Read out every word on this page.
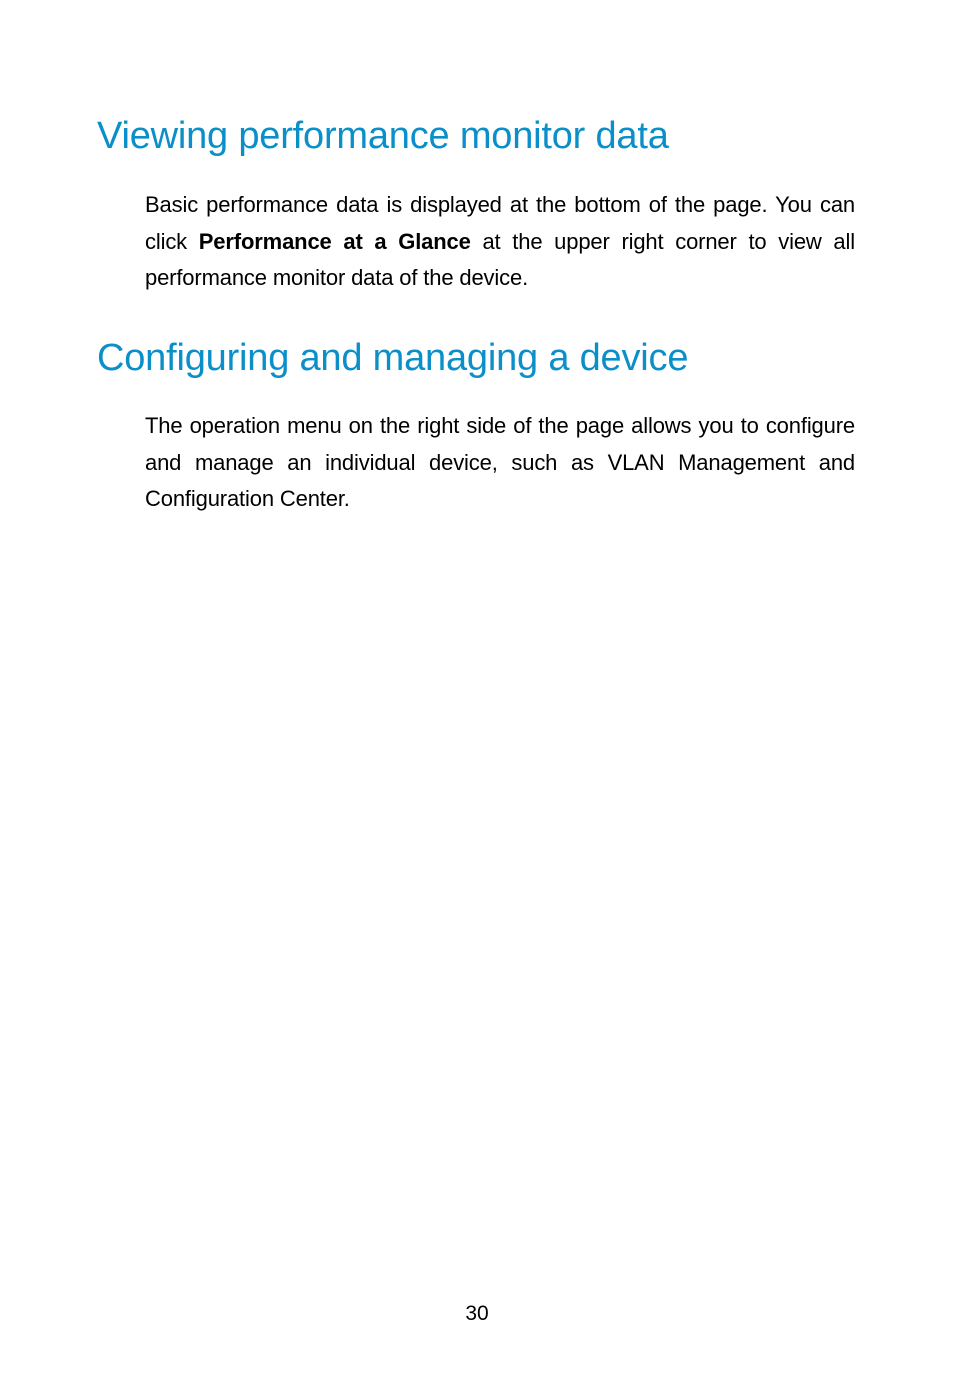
Viewing performance monitor data

Basic performance data is displayed at the bottom of the page. You can click Performance at a Glance at the upper right corner to view all performance monitor data of the device.

Configuring and managing a device

The operation menu on the right side of the page allows you to configure and manage an individual device, such as VLAN Management and Configuration Center.

30
